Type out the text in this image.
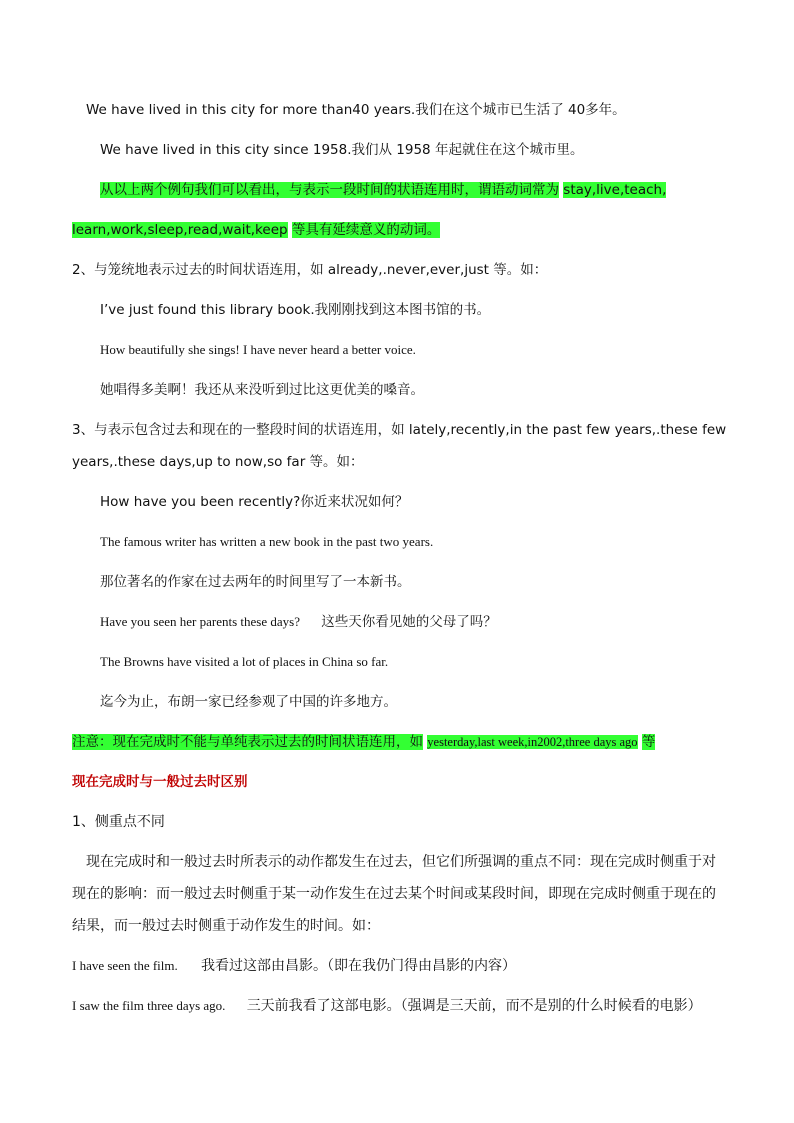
We have lived in this city for more than40 years.我们在这个城市已生活了 40多年。
We have lived in this city since 1958.我们从 1958 年起就住在这个城市里。
从以上两个例句我们可以看出，与表示一段时间的状语连用时，谓语动词常为 stay,live,teach,
learn,work,sleep,read,wait,keep 等具有延续意义的动词。
2、与笼统地表示过去的时间状语连用，如 already,.never,ever,just 等。如：
I’ve just found this library book.我刚刚找到这本图书馆的书。
How beautifully she sings! I have never heard a better voice.
她唱得多美啊！我还从来没听到过比这更优美的嗓音。
3、与表示包含过去和现在的一整段时间的状语连用，如 lately,recently,in the past few years,.these few
years,.these days,up to now,so far 等。如：
How have you been recently?你近来状况如何？
The famous writer has written a new book in the past two years.
那位著名的作家在过去两年的时间里写了一本新书。
Have you seen her parents these days? 这些天你看见她的父母了吗？
The Browns have visited a lot of places in China so far.
迄今为止，布朗一家已经参观了中国的许多地方。
注意：现在完成时不能与单纯表示过去的时间状语连用，如 yesterday,last week,in2002,three days ago 等
现在完成时与一般过去时区别
1、侧重点不同
现在完成时和一般过去时所表示的动作都发生在过去，但它们所强调的重点不同：现在完成时侧重于对
现在的影响：而一般过去时侧重于某一动作发生在过去某个时间或某段时间，即现在完成时侧重于现在的
结果，而一般过去时侧重于动作发生的时间。如：
I have seen the film. 我看过这部由昌影。（即在我仍门得由昌影的内容）
I saw the film three days ago. 三天前我看了这部电影。（强调是三天前，而不是别的什么时候看的电影）
